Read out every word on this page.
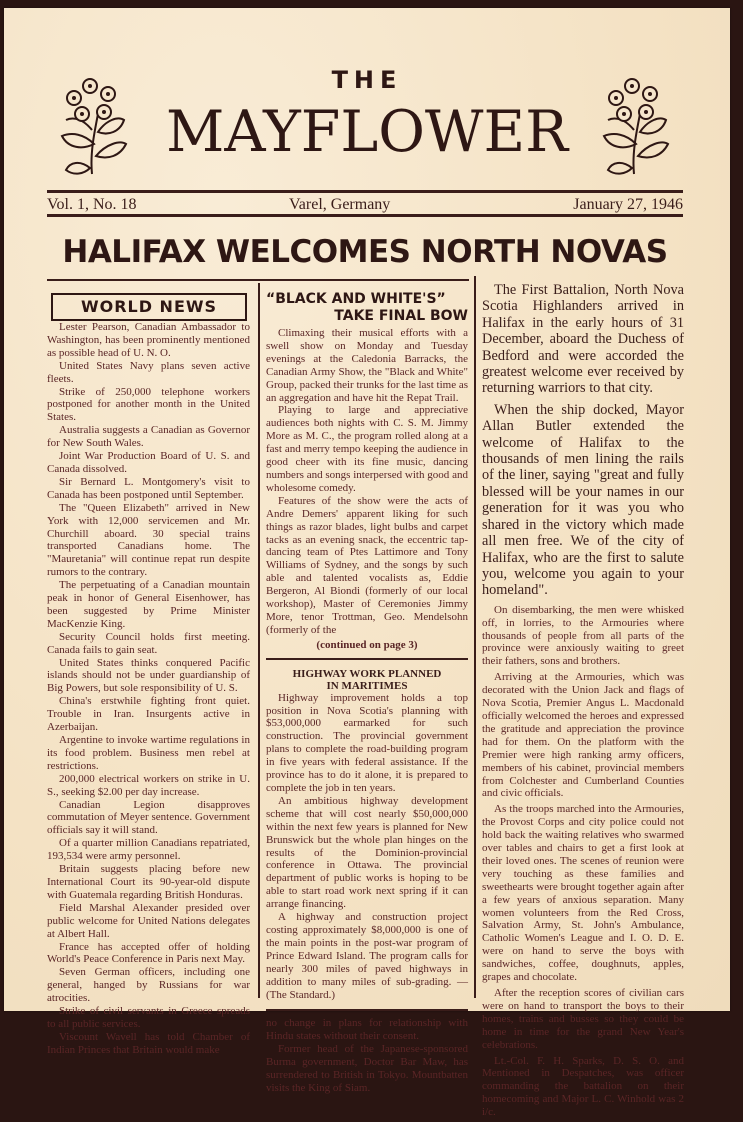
THE
MAYFLOWER
Vol. 1, No. 18	Varel, Germany	January 27, 1946
HALIFAX WELCOMES NORTH NOVAS
WORLD NEWS

Lester Pearson, Canadian Ambassador to Washington, has been prominently mentioned as possible head of U. N. O.

United States Navy plans seven active fleets.

Strike of 250,000 telephone workers postponed for another month in the United States.

Australia suggests a Canadian as Governor for New South Wales.

Joint War Production Board of U. S. and Canada dissolved.

Sir Bernard L. Montgomery's visit to Canada has been postponed until September.

The "Queen Elizabeth" arrived in New York with 12,000 servicemen and Mr. Churchill aboard. 30 special trains transported Canadians home. The "Mauretania" will continue repat run despite rumors to the contrary.

The perpetuating of a Canadian mountain peak in honor of General Eisenhower, has been suggested by Prime Minister MacKenzie King.

Security Council holds first meeting. Canada fails to gain seat.

United States thinks conquered Pacific islands should not be under guardianship of Big Powers, but sole responsibility of U. S.

China's erstwhile fighting front quiet. Trouble in Iran. Insurgents active in Azerbaijan.

Argentine to invoke wartime regulations in its food problem. Business men rebel at restrictions.

200,000 electrical workers on strike in U. S., seeking $2.00 per day increase.

Canadian Legion disapproves commutation of Meyer sentence. Government officials say it will stand.

Of a quarter million Canadians repatriated, 193,534 were army personnel.

Britain suggests placing before new International Court its 90-year-old dispute with Guatemala regarding British Honduras.

Field Marshal Alexander presided over public welcome for United Nations delegates at Albert Hall.

France has accepted offer of holding World's Peace Conference in Paris next May.

Seven German officers, including one general, hanged by Russians for war atrocities.

Strike of civil servants in Greece spreads to all public services.

Viscount Wavell has told Chamber of Indian Princes that Britain would make

“BLACK AND WHITE'S”
TAKE FINAL BOW

Climaxing their musical efforts with a swell show on Monday and Tuesday evenings at the Caledonia Barracks, the Canadian Army Show, the "Black and White" Group, packed their trunks for the last time as an aggregation and have hit the Repat Trail.

Playing to large and appreciative audiences both nights with C. S. M. Jimmy More as M. C., the program rolled along at a fast and merry tempo keeping the audience in good cheer with its fine music, dancing numbers and songs interpersed with good and wholesome comedy.

Features of the show were the acts of Andre Demers' apparent liking for such things as razor blades, light bulbs and carpet tacks as an evening snack, the eccentric tap-dancing team of Ptes Lattimore and Tony Williams of Sydney, and the songs by such able and talented vocalists as, Eddie Bergeron, Al Biondi (formerly of our local workshop), Master of Ceremonies Jimmy More, tenor Trottman, Geo. Mendelsohn (formerly of the

(continued on page 3)

HIGHWAY WORK PLANNED

IN MARITIMES

Highway improvement holds a top position in Nova Scotia's planning with $53,000,000 earmarked for such construction. The provincial government plans to complete the road-building program in five years with federal assistance. If the province has to do it alone, it is prepared to complete the job in ten years.

An ambitious highway development scheme that will cost nearly $50,000,000 within the next few years is planned for New Brunswick but the whole plan hinges on the results of the Dominion-provincial conference in Ottawa. The provincial department of public works is hoping to be able to start road work next spring if it can arrange financing.

A highway and construction project costing approximately $8,000,000 is one of the main points in the post-war program of Prince Edward Island. The program calls for nearly 300 miles of paved highways in addition to many miles of sub-grading. — (The Standard.)

no change in plans for relationship with Hindu states without their consent.

Former head of the Japanese-sponsored Burma government, Doctor Bar Maw, has surrendered to British in Tokyo. Mountbatten visits the King of Siam.

The First Battalion, North Nova Scotia Highlanders arrived in Halifax in the early hours of 31 December, aboard the Duchess of Bedford and were accorded the greatest welcome ever received by returning warriors to that city.

When the ship docked, Mayor Allan Butler extended the welcome of Halifax to the thousands of men lining the rails of the liner, saying "great and fully blessed will be your names in our generation for it was you who shared in the victory which made all men free. We of the city of Halifax, who are the first to salute you, welcome you again to your homeland".

On disembarking, the men were whisked off, in lorries, to the Armouries where thousands of people from all parts of the province were anxiously waiting to greet their fathers, sons and brothers.

Arriving at the Armouries, which was decorated with the Union Jack and flags of Nova Scotia, Premier Angus L. Macdonald officially welcomed the heroes and expressed the gratitude and appreciation the province had for them. On the platform with the Premier were high ranking army officers, members of his cabinet, provincial members from Colchester and Cumberland Counties and civic officials.

As the troops marched into the Armouries, the Provost Corps and city police could not hold back the waiting relatives who swarmed over tables and chairs to get a first look at their loved ones. The scenes of reunion were very touching as these families and sweethearts were brought together again after a few years of anxious separation. Many women volunteers from the Red Cross, Salvation Army, St. John's Ambulance, Catholic Women's League and I. O. D. E. were on hand to serve the boys with sandwiches, coffee, doughnuts, apples, grapes and chocolate.

After the reception scores of civilian cars were on hand to transport the boys to their homes, trains and busses so they could be home in time for the grand New Year's celebrations.

Lt.-Col. F. H. Sparks, D. S. O. and Mentioned in Despatches, was officer commanding the battalion on their homecoming and Major L. C. Winhold was 2 i/c.
